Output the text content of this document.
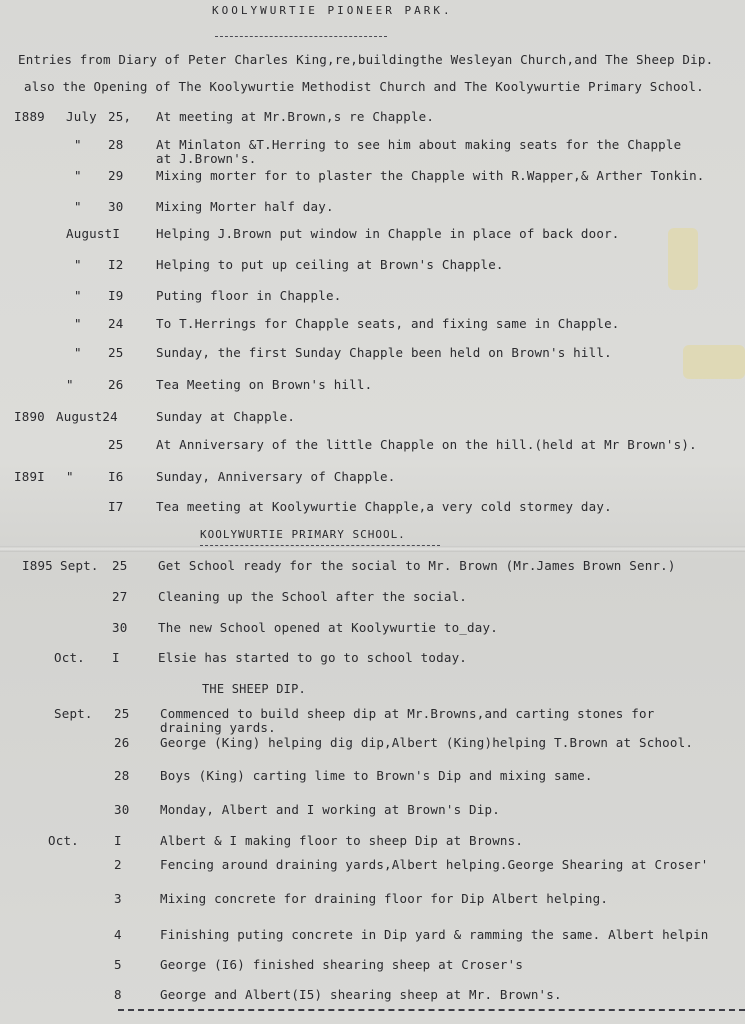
KOOLYWURTIE PIONEER PARK.
Entries from Diary of Peter Charles King,re,buildingthe Wesleyan Church,and The Sheep Dip.
also the Opening of The Koolywurtie Methodist Church and The Koolywurtie Primary School.
I889 July 25, At meeting at Mr.Brown,s re Chapple.
" 28	At Minlaton &T.Herring to see him about making seats for the Chapple
at J.Brown's.
" 29	Mixing morter for to plaster the Chapple with R.Wapper,& Arther Tonkin.
" 30	Mixing Morter half day.
AugustI	Helping J.Brown put window in Chapple in place of back door.
" I2	Helping to put up ceiling at Brown's Chapple.
" I9	Puting floor in Chapple.
" 24	To T.Herrings for Chapple seats, and fixing same in Chapple.
" 25	Sunday, the first Sunday Chapple been held on Brown's hill.
"	26	Tea Meeting on Brown's hill.
I890 August24	Sunday at Chapple.
25	At Anniversary of the little Chapple on the hill.(held at Mr Brown's).
I89I "	I6	Sunday, Anniversary of Chapple.
I7	Tea meeting at Koolywurtie Chapple,a very cold stormey day.
KOOLYWURTIE PRIMARY SCHOOL.
I895 Sept. 25 Get School ready for the social to Mr. Brown (Mr.James Brown Senr.)
27 Cleaning up the School after the social.
30 The new School opened at Koolywurtie to_day.
Oct. I	Elsie has started to go to school today.
THE SHEEP DIP.
Sept. 25 Commenced to build sheep dip at Mr.Browns,and carting stones for
draining yards.
26 George (King) helping dig dip,Albert (King)helping T.Brown at School.
28 Boys (King) carting lime to Brown's Dip and mixing same.
30 Monday, Albert and I working at Brown's Dip.
Oct.	I	Albert & I making floor to sheep Dip at Browns.
2	Fencing around draining yards,Albert helping.George Shearing at Croser'
3	Mixing concrete for draining floor for Dip Albert helping.
4	Finishing puting concrete in Dip yard & ramming the same. Albert helpin
5	George (I6) finished shearing sheep at Croser's
8	George and Albert(I5) shearing sheep at Mr. Brown's.
